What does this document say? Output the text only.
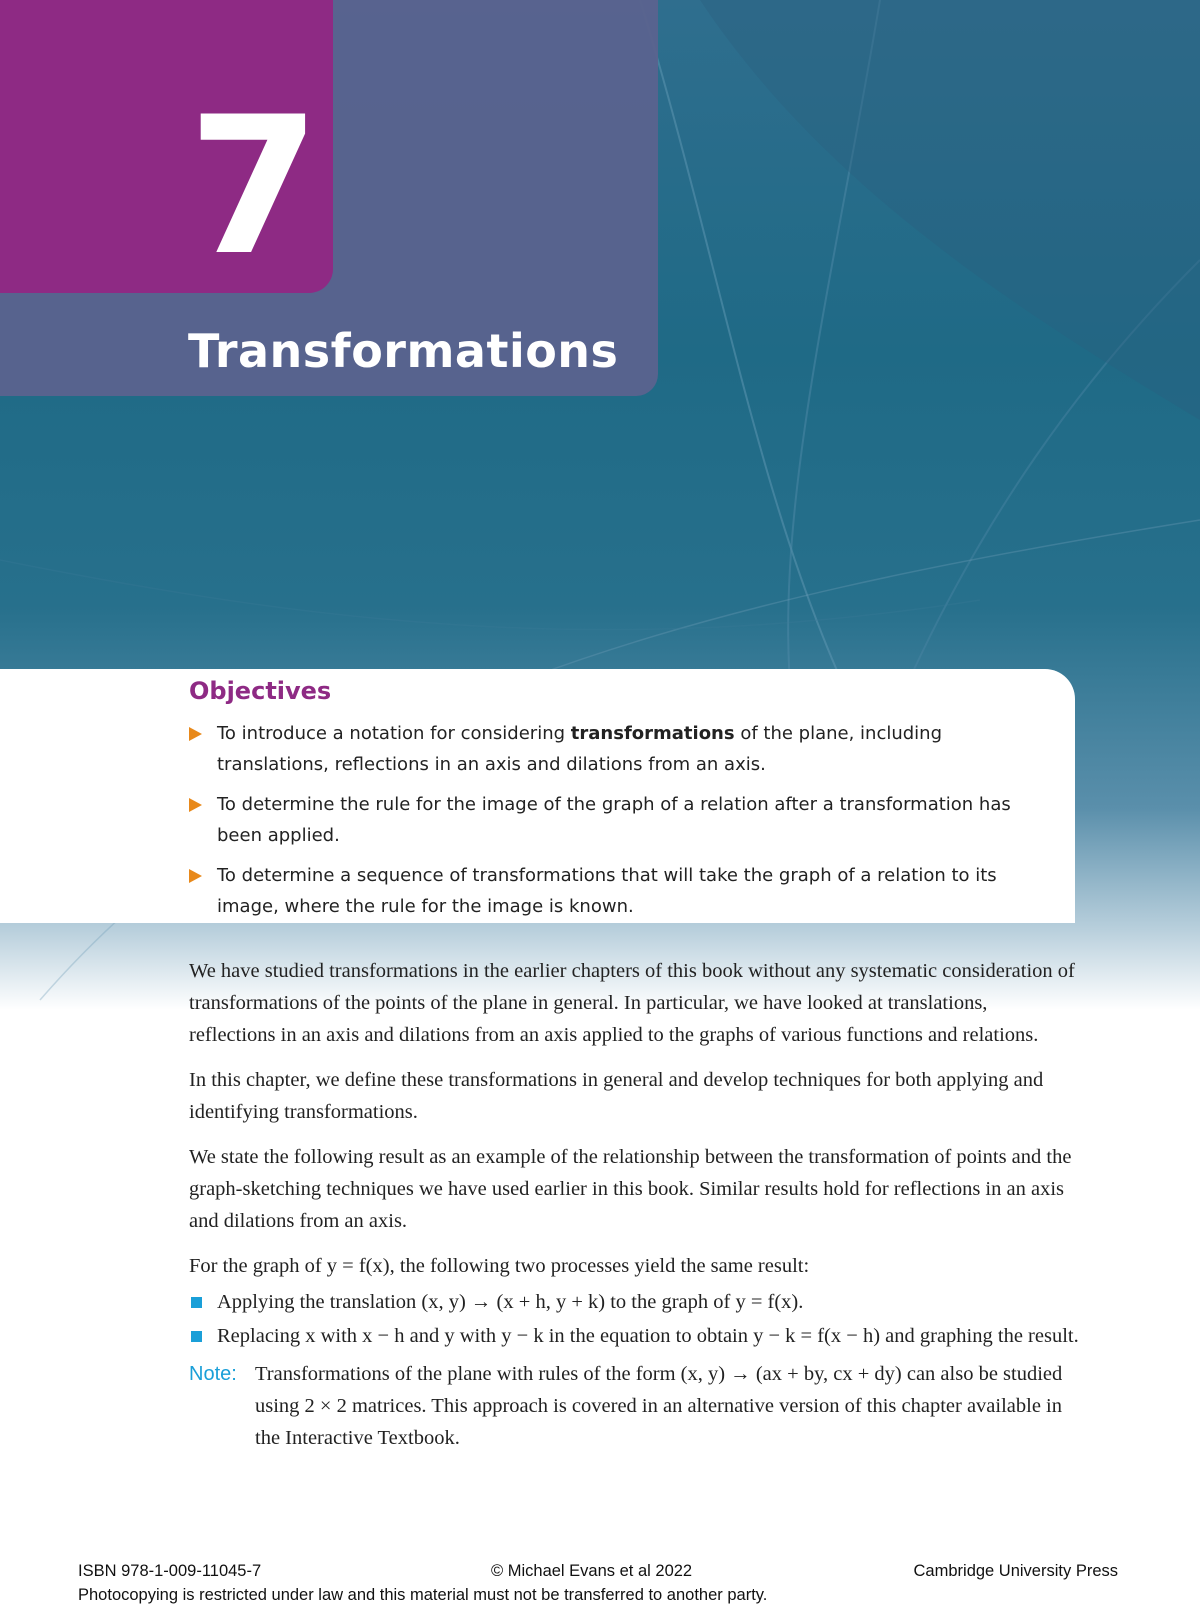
7
Transformations
Objectives
To introduce a notation for considering transformations of the plane, including translations, reflections in an axis and dilations from an axis.
To determine the rule for the image of the graph of a relation after a transformation has been applied.
To determine a sequence of transformations that will take the graph of a relation to its image, where the rule for the image is known.

We have studied transformations in the earlier chapters of this book without any systematic consideration of transformations of the points of the plane in general. In particular, we have looked at translations, reflections in an axis and dilations from an axis applied to the graphs of various functions and relations.

In this chapter, we define these transformations in general and develop techniques for both applying and identifying transformations.

We state the following result as an example of the relationship between the transformation of points and the graph-sketching techniques we have used earlier in this book. Similar results hold for reflections in an axis and dilations from an axis.

For the graph of y = f(x), the following two processes yield the same result:

Applying the translation (x, y) → (x + h, y + k) to the graph of y = f(x).
Replacing x with x − h and y with y − k in the equation to obtain y − k = f(x − h) and graphing the result.
Note: Transformations of the plane with rules of the form (x, y) → (ax + by, cx + dy) can also be studied using 2 × 2 matrices. This approach is covered in an alternative version of this chapter available in the Interactive Textbook.
ISBN 978-1-009-11045-7	© Michael Evans et al 2022	Cambridge University Press
Photocopying is restricted under law and this material must not be transferred to another party.
